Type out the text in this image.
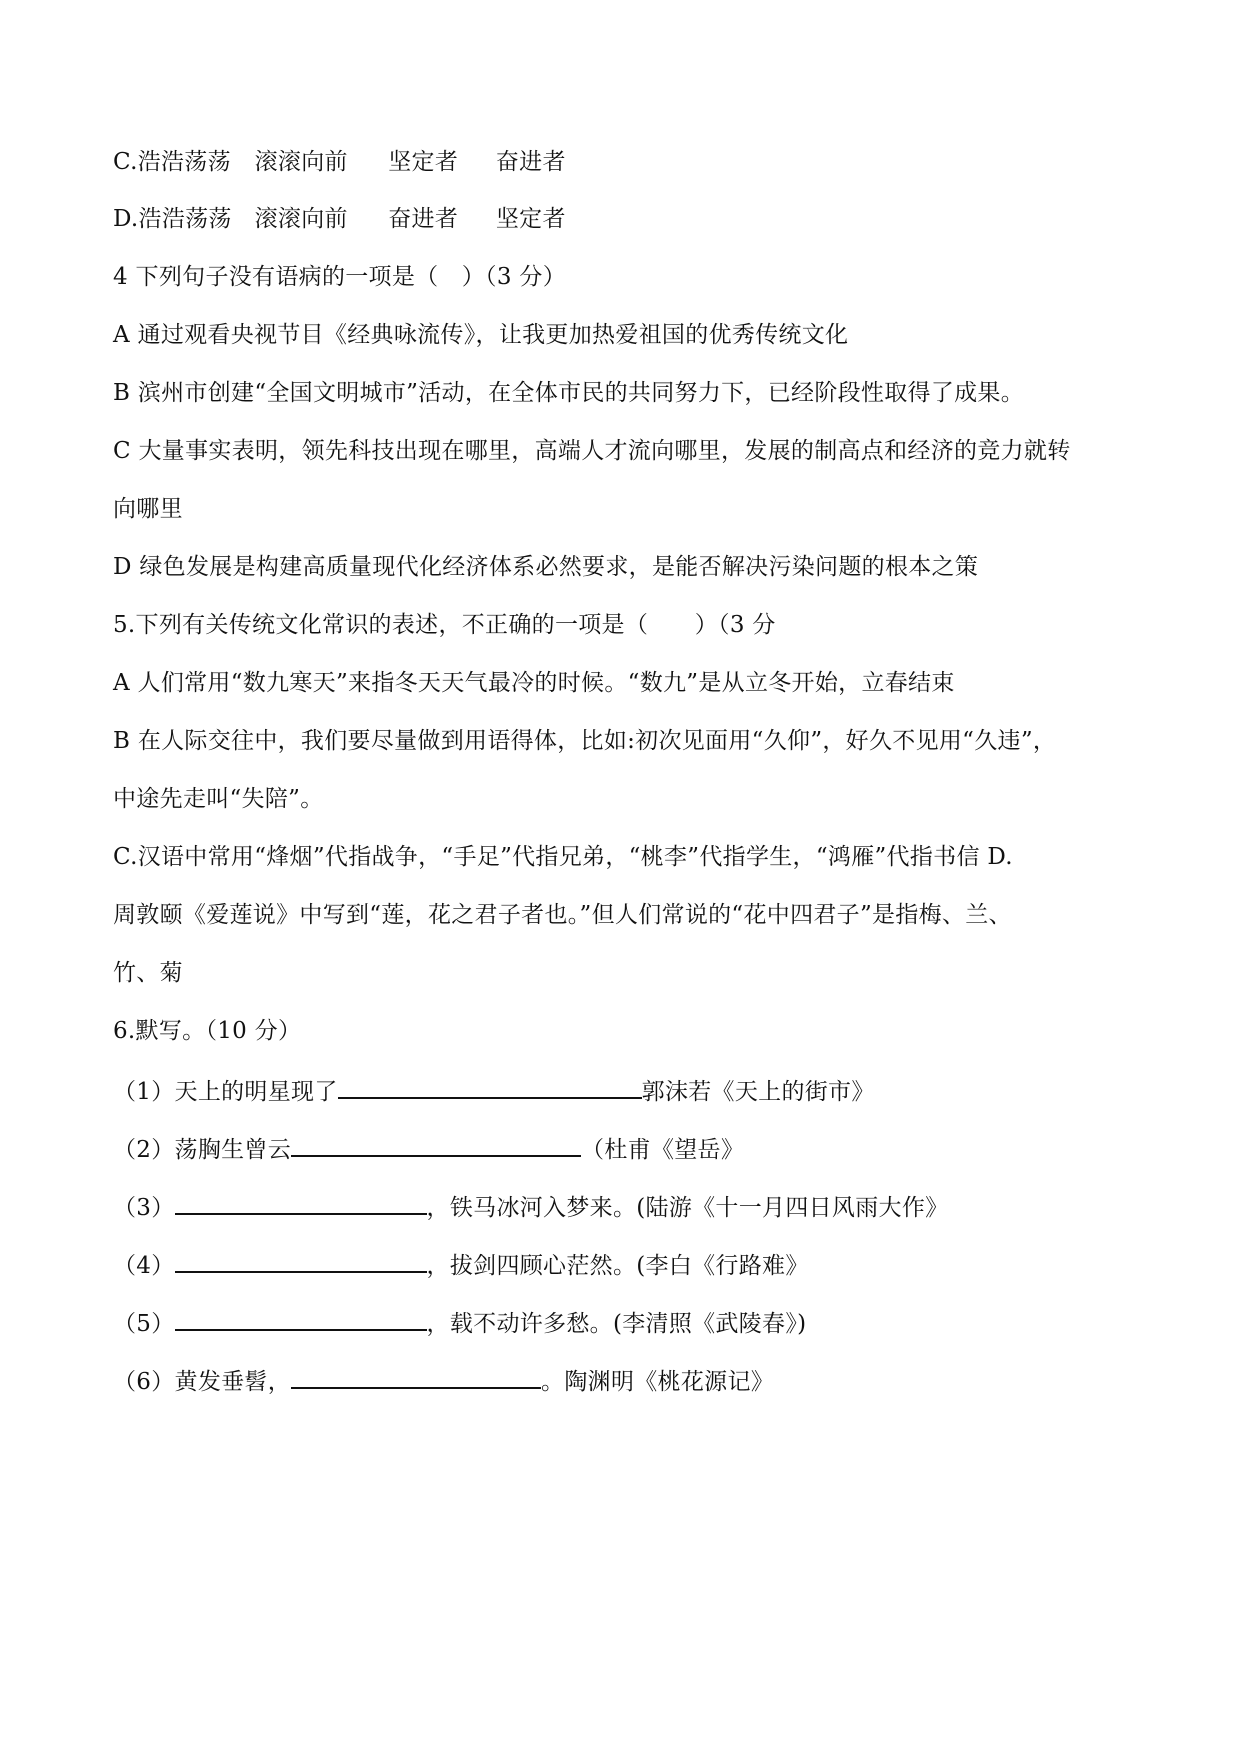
C.浩浩荡荡 滚滚向前 坚定者 奋进者
D.浩浩荡荡 滚滚向前 奋进者 坚定者
4 下列句子没有语病的一项是（　）（3 分）
A 通过观看央视节目《经典咏流传》，让我更加热爱祖国的优秀传统文化
B 滨州市创建“全国文明城市”活动，在全体市民的共同努力下，已经阶段性取得了成果。
C 大量事实表明，领先科技出现在哪里，高端人才流向哪里，发展的制高点和经济的竞力就转
向哪里
D 绿色发展是构建高质量现代化经济体系必然要求，是能否解决污染问题的根本之策
5.下列有关传统文化常识的表述，不正确的一项是（　　）（3 分
A 人们常用“数九寒天”来指冬天天气最冷的时候。“数九”是从立冬开始，立春结束
B 在人际交往中，我们要尽量做到用语得体，比如:初次见面用“久仰”，好久不见用“久违”，
中途先走叫“失陪”。
C.汉语中常用“烽烟”代指战争，“手足”代指兄弟，“桃李”代指学生，“鸿雁”代指书信 D.
周敦颐《爱莲说》中写到“莲，花之君子者也。”但人们常说的“花中四君子”是指梅、兰、
竹、菊
6.默写。（10 分）
（1）天上的明星现了	郭沫若《天上的街市》
（2）荡胸生曾云	（杜甫《望岳》
（3）	，铁马冰河入梦来。(陆游《十一月四日风雨大作》
（4）	，拔剑四顾心茫然。(李白《行路难》
（5）	，载不动许多愁。(李清照《武陵春》)
（6）黄发垂髫，	。陶渊明《桃花源记》
